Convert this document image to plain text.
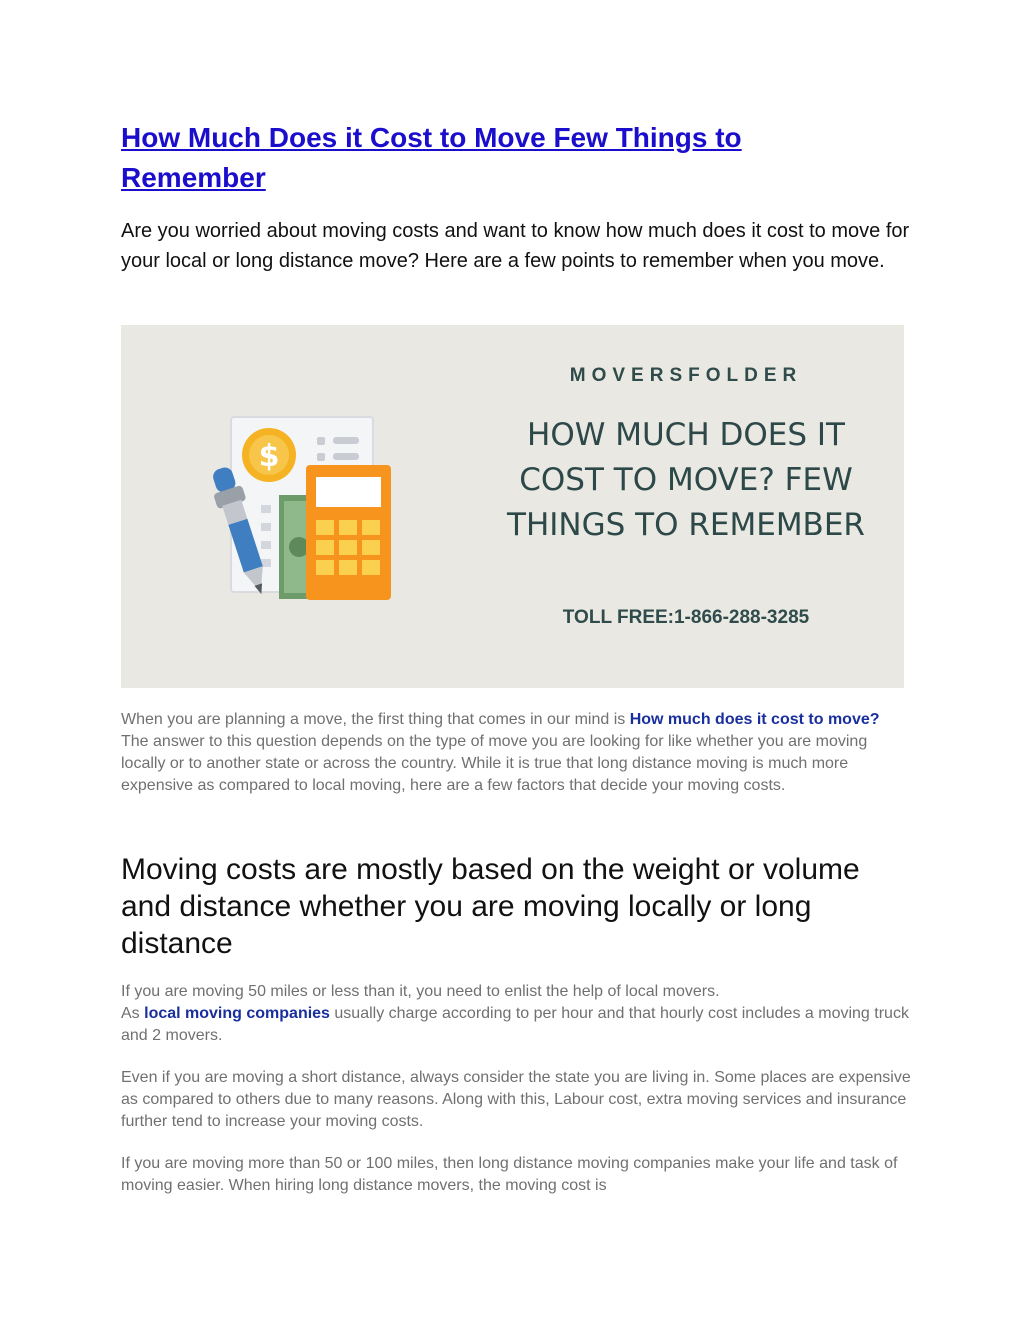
How Much Does it Cost to Move Few Things to Remember

Are you worried about moving costs and want to know how much does it cost to move for your local or long distance move? Here are a few points to remember when you move.

$
MOVERSFOLDER
HOW MUCH DOES IT COST TO MOVE? FEW THINGS TO REMEMBER
TOLL FREE:1-866-288-3285

When you are planning a move, the first thing that comes in our mind is How much does it cost to move? The answer to this question depends on the type of move you are looking for like whether you are moving locally or to another state or across the country. While it is true that long distance moving is much more expensive as compared to local moving, here are a few factors that decide your moving costs.

Moving costs are mostly based on the weight or volume and distance whether you are moving locally or long distance

If you are moving 50 miles or less than it, you need to enlist the help of local movers.
As local moving companies usually charge according to per hour and that hourly cost includes a moving truck and 2 movers.

Even if you are moving a short distance, always consider the state you are living in. Some places are expensive as compared to others due to many reasons. Along with this, Labour cost, extra moving services and insurance further tend to increase your moving costs.

If you are moving more than 50 or 100 miles, then long distance moving companies make your life and task of moving easier. When hiring long distance movers, the moving cost is
